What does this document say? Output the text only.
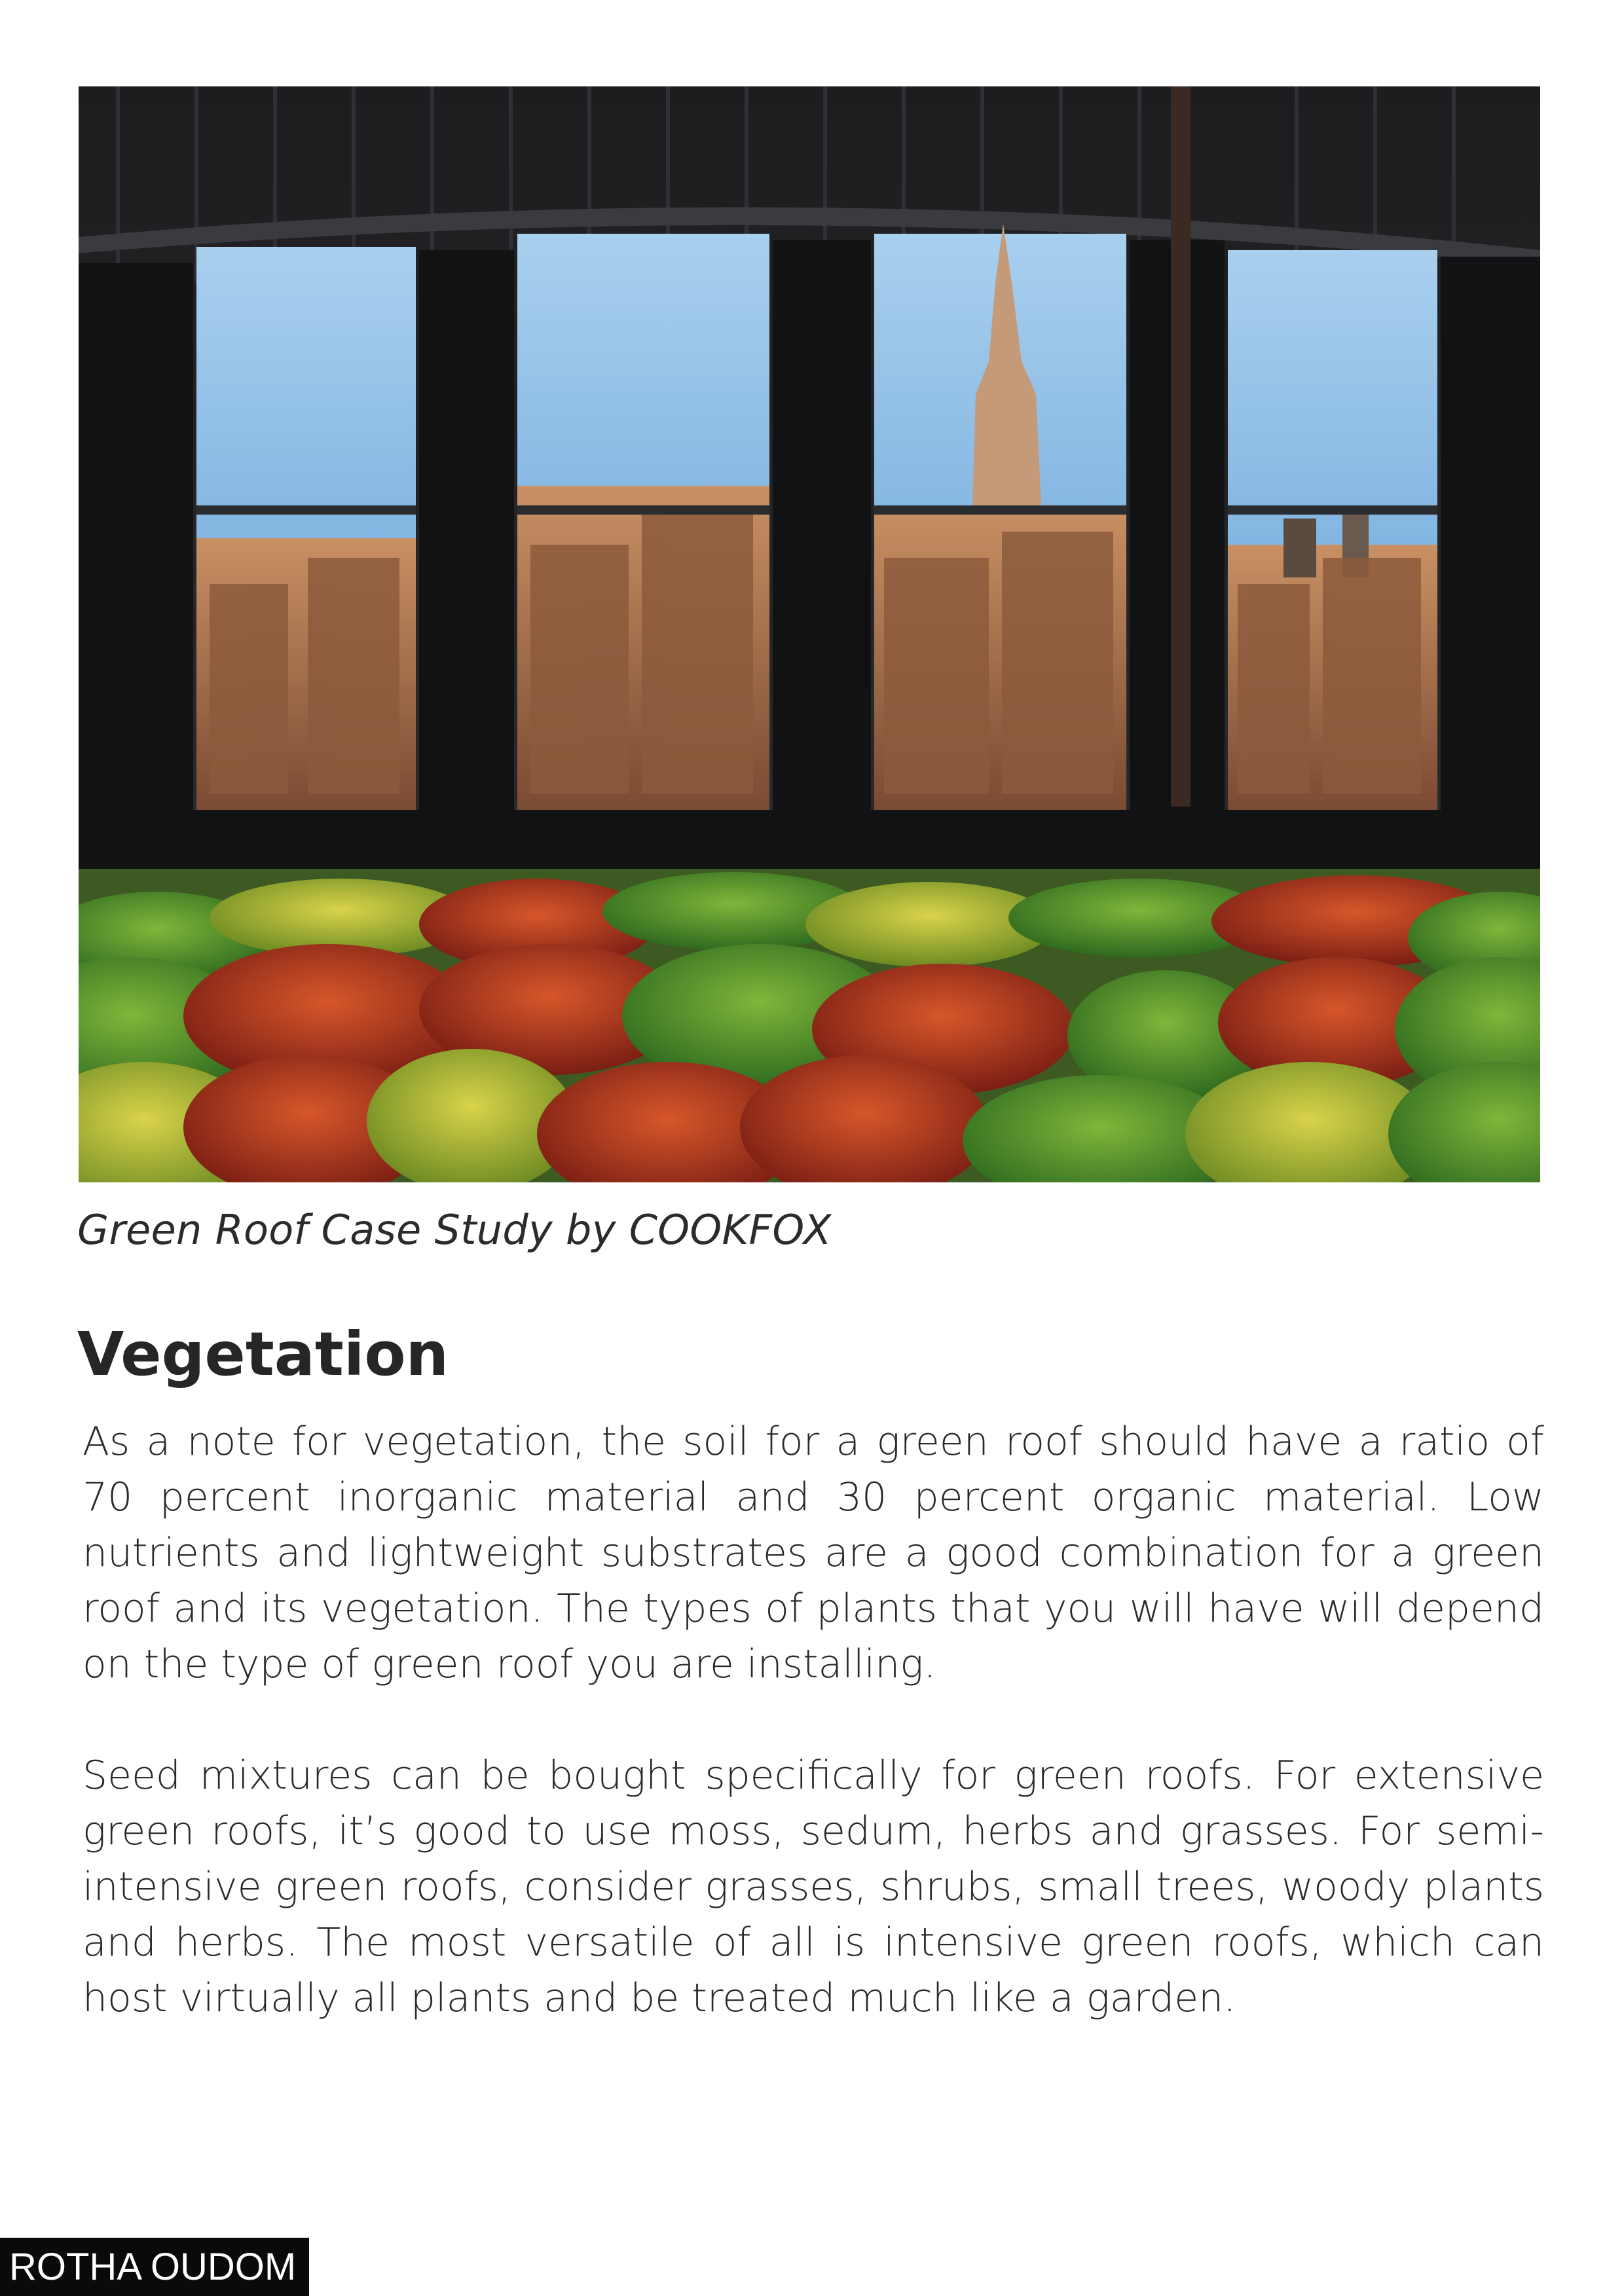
Green Roof Case Study by COOKFOX
Vegetation

As a note for vegetation, the soil for a green roof should have a ratio of 70 percent inorganic material and 30 percent organic material. Low nutrients and lightweight substrates are a good combination for a green roof and its vegetation. The types of plants that you will have will depend on the type of green roof you are installing.

Seed mixtures can be bought specifically for green roofs. For extensive green roofs, it’s good to use moss, sedum, herbs and grasses. For semi-intensive green roofs, consider grasses, shrubs, small trees, woody plants and herbs. The most versatile of all is intensive green roofs, which can host virtually all plants and be treated much like a garden.

ROTHA OUDOM
